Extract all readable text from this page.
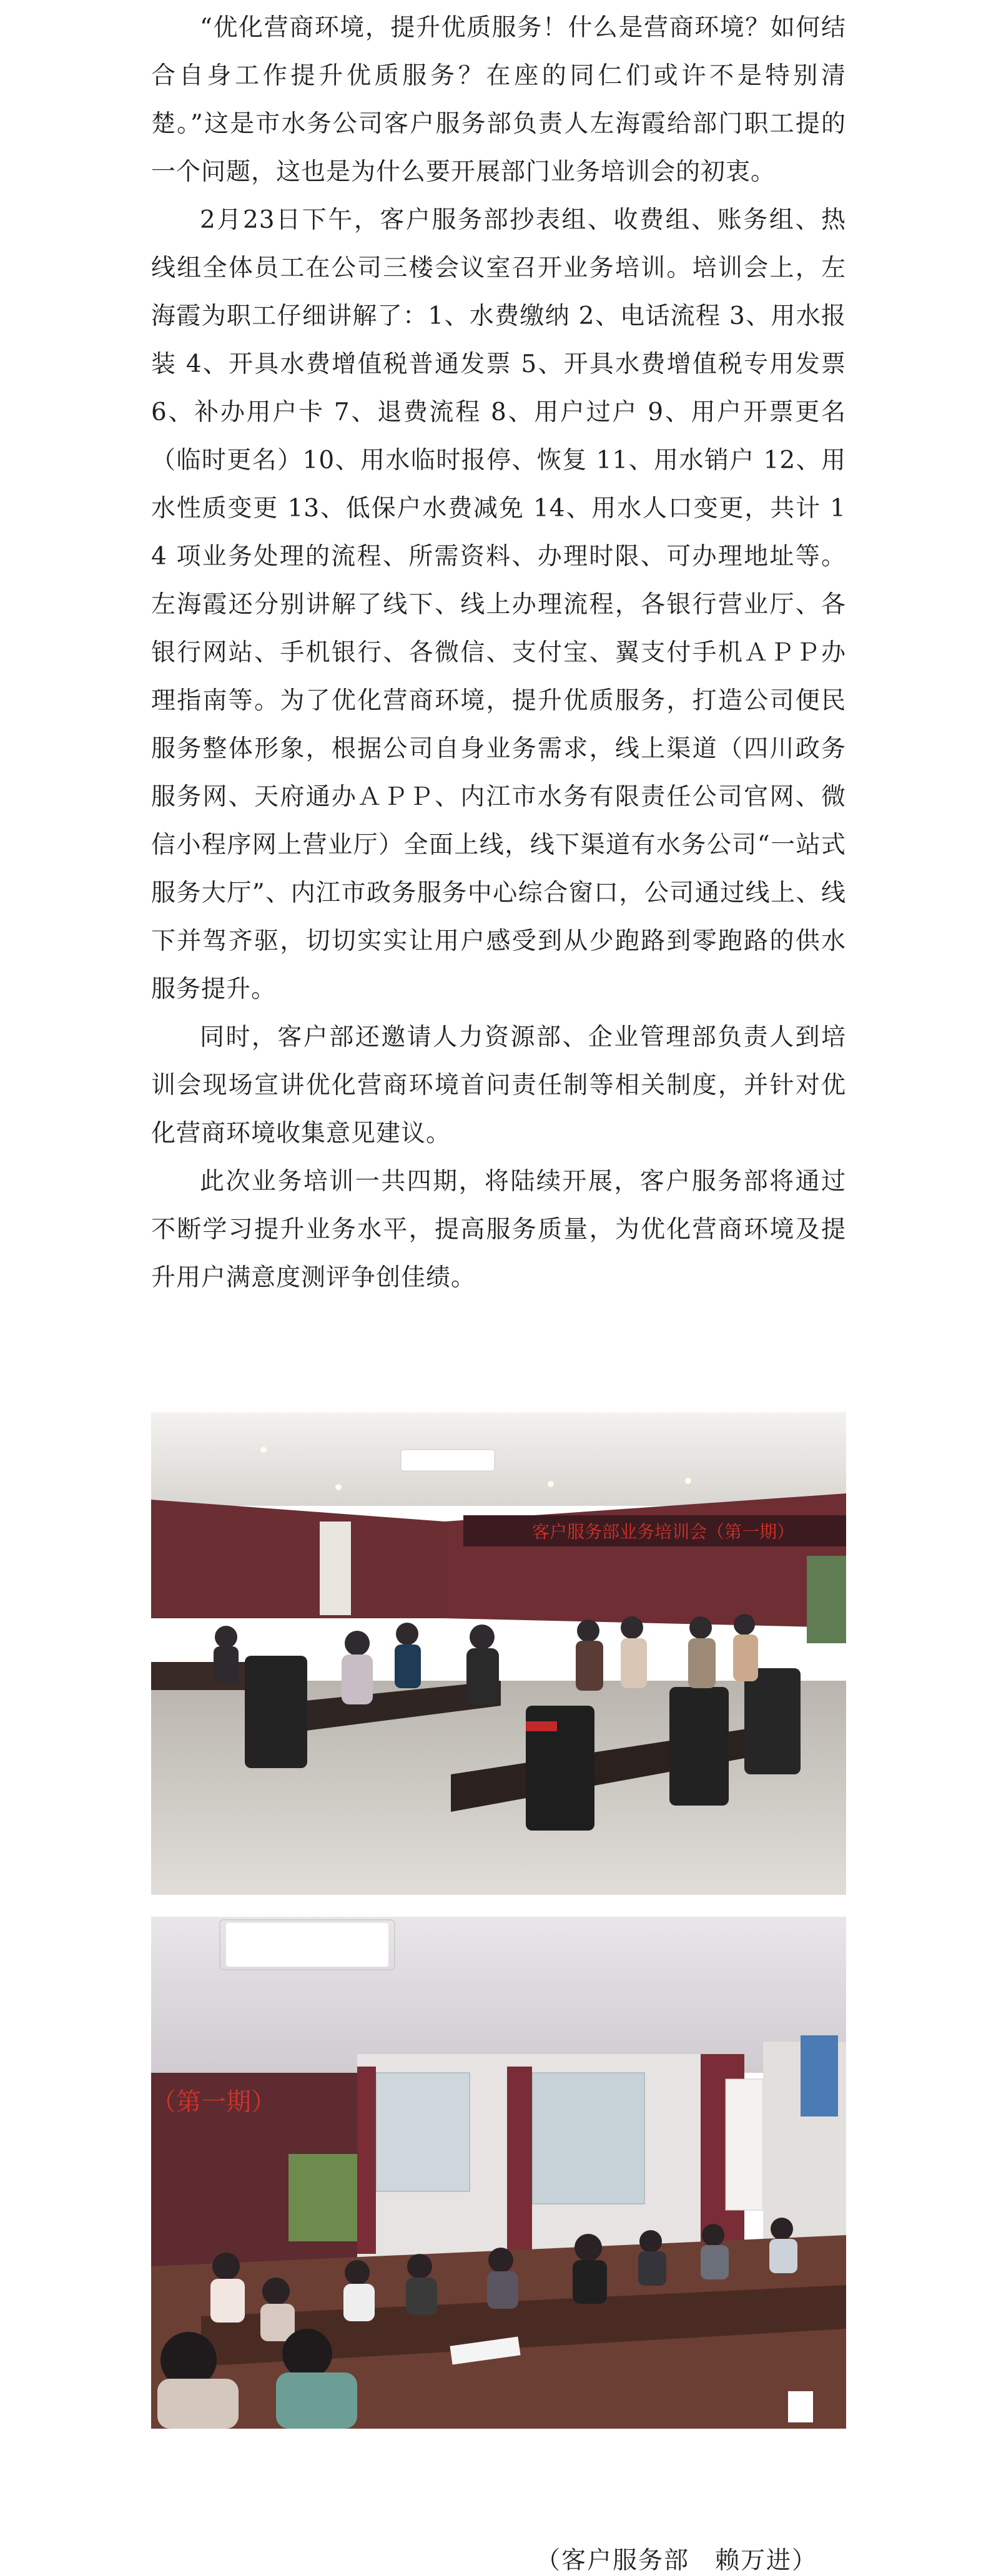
“优化营商环境，提升优质服务！什么是营商环境？如何结合自身工作提升优质服务？在座的同仁们或许不是特别清楚。”这是市水务公司客户服务部负责人左海霞给部门职工提的一个问题，这也是为什么要开展部门业务培训会的初衷。

2月23日下午，客户服务部抄表组、收费组、账务组、热线组全体员工在公司三楼会议室召开业务培训。培训会上，左海霞为职工仔细讲解了：1、水费缴纳 2、电话流程 3、用水报装 4、开具水费增值税普通发票 5、开具水费增值税专用发票 6、补办用户卡 7、退费流程 8、用户过户 9、用户开票更名（临时更名）10、用水临时报停、恢复 11、用水销户 12、用水性质变更 13、低保户水费减免 14、用水人口变更，共计 14 项业务处理的流程、所需资料、办理时限、可办理地址等。左海霞还分别讲解了线下、线上办理流程，各银行营业厅、各银行网站、手机银行、各微信、支付宝、翼支付手机ＡＰＰ办理指南等。为了优化营商环境，提升优质服务，打造公司便民服务整体形象，根据公司自身业务需求，线上渠道（四川政务服务网、天府通办ＡＰＰ、内江市水务有限责任公司官网、微信小程序网上营业厅）全面上线，线下渠道有水务公司“一站式服务大厅”、内江市政务服务中心综合窗口，公司通过线上、线下并驾齐驱，切切实实让用户感受到从少跑路到零跑路的供水服务提升。

同时，客户部还邀请人力资源部、企业管理部负责人到培训会现场宣讲优化营商环境首问责任制等相关制度，并针对优化营商环境收集意见建议。

此次业务培训一共四期，将陆续开展，客户服务部将通过不断学习提升业务水平，提高服务质量，为优化营商环境及提升用户满意度测评争创佳绩。

客户服务部业务培训会（第一期）
（第一期）
（客户服务部　赖万进）
